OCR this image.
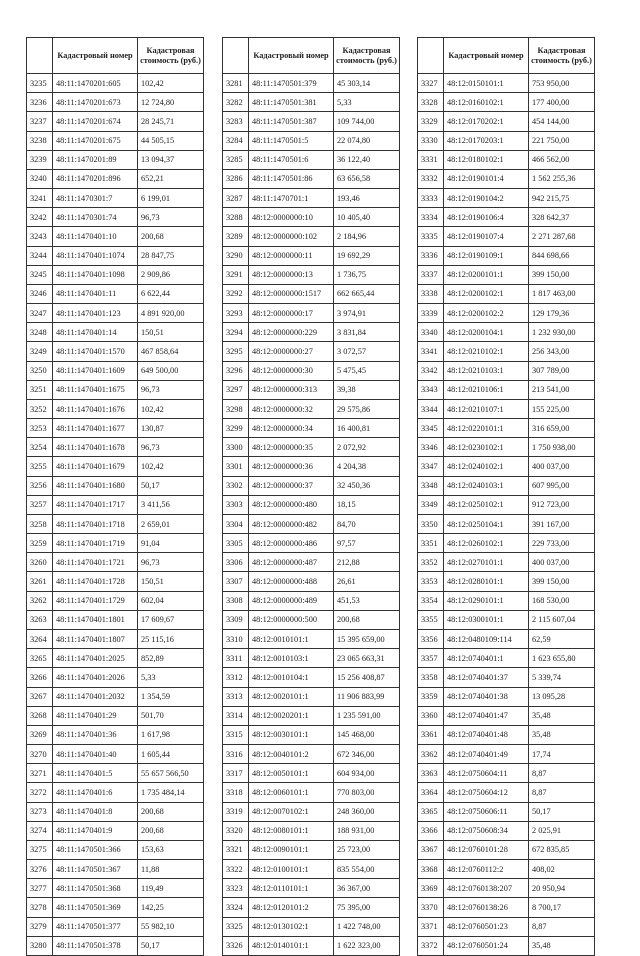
	Кадастровый номер	Кадастровая стоимость (руб.)
3235	48:11:1470201:605	102,42
3236	48:11:1470201:673	12 724,80
3237	48:11:1470201:674	28 245,71
3238	48:11:1470201:675	44 505,15
3239	48:11:1470201:89	13 094,37
3240	48:11:1470201:896	652,21
3241	48:11:1470301:7	6 199,01
3242	48:11:1470301:74	96,73
3243	48:11:1470401:10	200,68
3244	48:11:1470401:1074	28 847,75
3245	48:11:1470401:1098	2 909,86
3246	48:11:1470401:11	6 622,44
3247	48:11:1470401:123	4 891 920,00
3248	48:11:1470401:14	150,51
3249	48:11:1470401:1570	467 858,64
3250	48:11:1470401:1609	649 500,00
3251	48:11:1470401:1675	96,73
3252	48:11:1470401:1676	102,42
3253	48:11:1470401:1677	130,87
3254	48:11:1470401:1678	96,73
3255	48:11:1470401:1679	102,42
3256	48:11:1470401:1680	50,17
3257	48:11:1470401:1717	3 411,56
3258	48:11:1470401:1718	2 659,01
3259	48:11:1470401:1719	91,04
3260	48:11:1470401:1721	96,73
3261	48:11:1470401:1728	150,51
3262	48:11:1470401:1729	602,04
3263	48:11:1470401:1801	17 609,67
3264	48:11:1470401:1807	25 115,16
3265	48:11:1470401:2025	852,89
3266	48:11:1470401:2026	5,33
3267	48:11:1470401:2032	1 354,59
3268	48:11:1470401:29	501,70
3269	48:11:1470401:36	1 617,98
3270	48:11:1470401:40	1 605,44
3271	48:11:1470401:5	55 657 566,50
3272	48:11:1470401:6	1 735 484,14
3273	48:11:1470401:8	200,68
3274	48:11:1470401:9	200,68
3275	48:11:1470501:366	153,63
3276	48:11:1470501:367	11,88
3277	48:11:1470501:368	119,49
3278	48:11:1470501:369	142,25
3279	48:11:1470501:377	55 982,10
3280	48:11:1470501:378	50,17
	Кадастровый номер	Кадастровая стоимость (руб.)
3281	48:11:1470501:379	45 303,14
3282	48:11:1470501:381	5,33
3283	48:11:1470501:387	109 744,00
3284	48:11:1470501:5	22 074,80
3285	48:11:1470501:6	36 122,40
3286	48:11:1470501:86	63 656,58
3287	48:11:1470701:1	193,46
3288	48:12:0000000:10	10 405,40
3289	48:12:0000000:102	2 184,96
3290	48:12:0000000:11	19 692,29
3291	48:12:0000000:13	1 736,75
3292	48:12:0000000:1517	662 665,44
3293	48:12:0000000:17	3 974,91
3294	48:12:0000000:229	3 831,84
3295	48:12:0000000:27	3 072,57
3296	48:12:0000000:30	5 475,45
3297	48:12:0000000:313	39,38
3298	48:12:0000000:32	29 575,86
3299	48:12:0000000:34	16 400,81
3300	48:12:0000000:35	2 072,92
3301	48:12:0000000:36	4 204,38
3302	48:12:0000000:37	32 450,36
3303	48:12:0000000:480	18,15
3304	48:12:0000000:482	84,70
3305	48:12:0000000:486	97,57
3306	48:12:0000000:487	212,88
3307	48:12:0000000:488	26,61
3308	48:12:0000000:489	451,53
3309	48:12:0000000:500	200,68
3310	48:12:0010101:1	15 395 659,00
3311	48:12:0010103:1	23 065 663,31
3312	48:12:0010104:1	15 256 408,87
3313	48:12:0020101:1	11 906 883,99
3314	48:12:0020201:1	1 235 591,00
3315	48:12:0030101:1	145 468,00
3316	48:12:0040101:2	672 346,00
3317	48:12:0050101:1	604 934,00
3318	48:12:0060101:1	770 803,00
3319	48:12:0070102:1	248 360,00
3320	48:12:0080101:1	188 931,00
3321	48:12:0090101:1	25 723,00
3322	48:12:0100101:1	835 554,00
3323	48:12:0110101:1	36 367,00
3324	48:12:0120101:2	75 395,00
3325	48:12:0130102:1	1 422 748,00
3326	48:12:0140101:1	1 622 323,00
	Кадастровый номер	Кадастровая стоимость (руб.)
3327	48:12:0150101:1	753 950,00
3328	48:12:0160102:1	177 400,00
3329	48:12:0170202:1	454 144,00
3330	48:12:0170203:1	221 750,00
3331	48:12:0180102:1	466 562,00
3332	48:12:0190101:4	1 562 255,36
3333	48:12:0190104:2	942 215,75
3334	48:12:0190106:4	328 642,37
3335	48:12:0190107:4	2 271 287,68
3336	48:12:0190109:1	844 698,66
3337	48:12:0200101:1	399 150,00
3338	48:12:0200102:1	1 817 463,00
3339	48:12:0200102:2	129 179,36
3340	48:12:0200104:1	1 232 930,00
3341	48:12:0210102:1	256 343,00
3342	48:12:0210103:1	307 789,00
3343	48:12:0210106:1	213 541,00
3344	48:12:0210107:1	155 225,00
3345	48:12:0220101:1	316 659,00
3346	48:12:0230102:1	1 750 938,00
3347	48:12:0240102:1	400 037,00
3348	48:12:0240103:1	607 995,00
3349	48:12:0250102:1	912 723,00
3350	48:12:0250104:1	391 167,00
3351	48:12:0260102:1	229 733,00
3352	48:12:0270101:1	400 037,00
3353	48:12:0280101:1	399 150,00
3354	48:12:0290101:1	168 530,00
3355	48:12:0300101:1	2 115 607,04
3356	48:12:0480109:114	62,59
3357	48:12:0740401:1	1 623 655,80
3358	48:12:0740401:37	5 339,74
3359	48:12:0740401:38	13 095,28
3360	48:12:0740401:47	35,48
3361	48:12:0740401:48	35,48
3362	48:12:0740401:49	17,74
3363	48:12:0750604:11	8,87
3364	48:12:0750604:12	8,87
3365	48:12:0750606:11	50,17
3366	48:12:0750608:34	2 025,91
3367	48:12:0760101:28	672 835,85
3368	48:12:0760112:2	408,02
3369	48:12:0760138:207	20 950,94
3370	48:12:0760138:26	8 700,17
3371	48:12:0760501:23	8,87
3372	48:12:0760501:24	35,48
